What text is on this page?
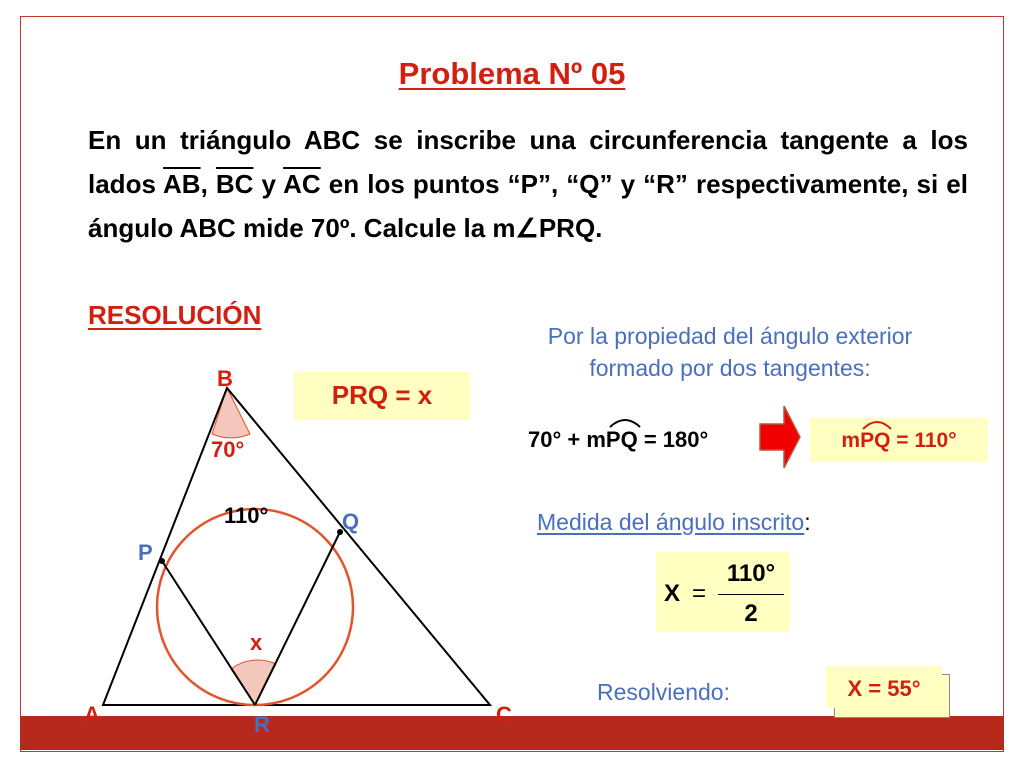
Problema Nº 05
En un triángulo ABC se inscribe una circunferencia tangente a los lados $\overline{AB}$, $\overline{BC}$ y $\overline{AC}$ en los puntos “P”, “Q” y “R” respectivamente, si el ángulo ABC mide 70º. Calcule la m∠PRQ.
RESOLUCIÓN
B
70°
110°	Q
P
x
A	R	C
PRQ = x
Por la propiedad del ángulo exterior
formado por dos tangentes:
70° + m
PQ = 180°	m
PQ = 110°
Medida del ángulo inscrito:
X =
110°
2
Resolviendo:	X = 55°
